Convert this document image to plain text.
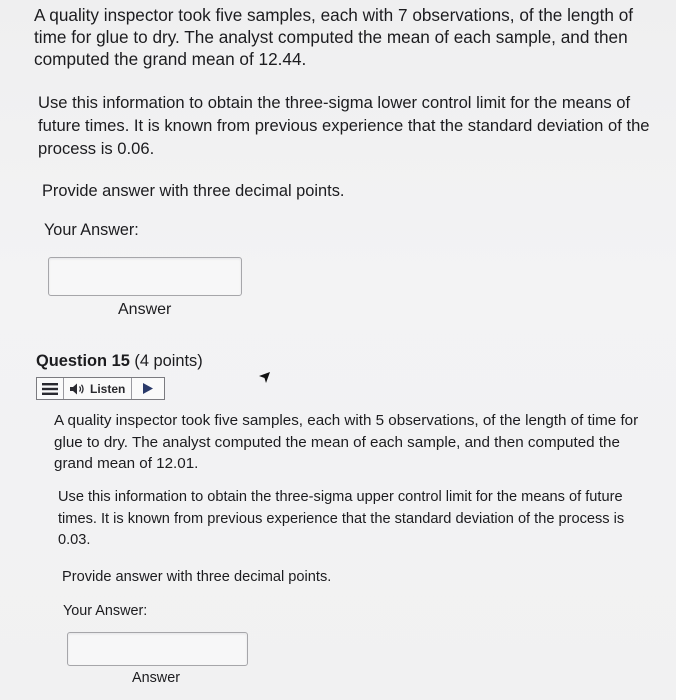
A quality inspector took five samples, each with 7 observations, of the length of time for glue to dry. The analyst computed the mean of each sample, and then computed the grand mean of 12.44.

Use this information to obtain the three-sigma lower control limit for the means of future times. It is known from previous experience that the standard deviation of the process is 0.06.

Provide answer with three decimal points.

Your Answer:

Answer
Question 15 (4 points)
Listen

A quality inspector took five samples, each with 5 observations, of the length of time for glue to dry. The analyst computed the mean of each sample, and then computed the grand mean of 12.01.

Use this information to obtain the three-sigma upper control limit for the means of future times. It is known from previous experience that the standard deviation of the process is 0.03.

Provide answer with three decimal points.

Your Answer:

Answer
